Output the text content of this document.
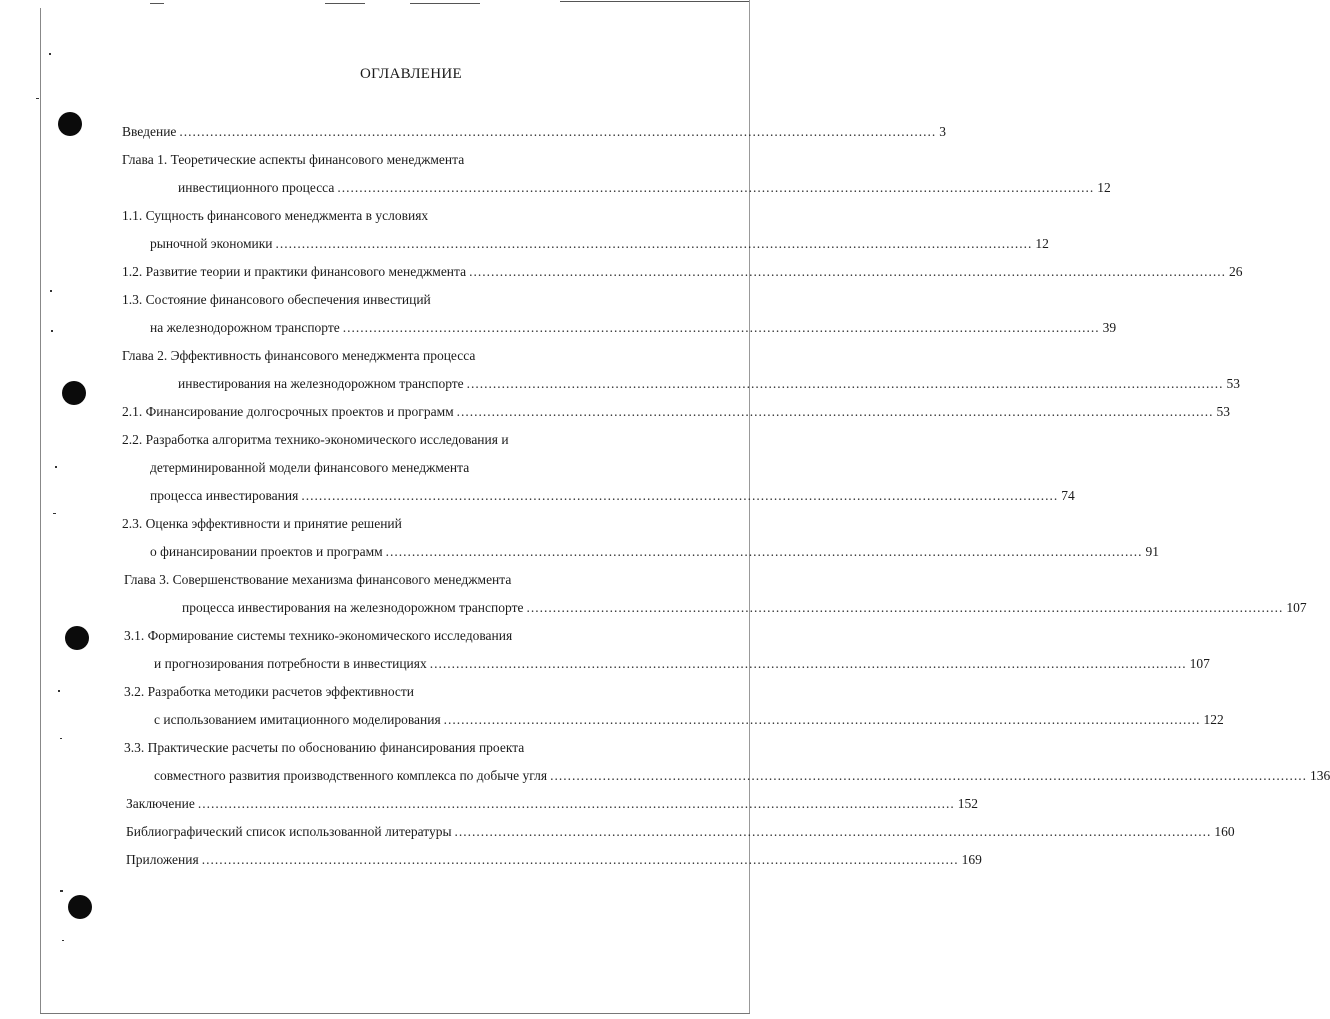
ОГЛАВЛЕНИЕ
Введение ............................................................................................................................................................................. 3
Глава 1. Теоретические аспекты финансового менеджмента
инвестиционного процесса ............................................................................................................................................................................. 12
1.1. Сущность финансового менеджмента в условиях
рыночной экономики ............................................................................................................................................................................. 12
1.2. Развитие теории и практики финансового менеджмента ............................................................................................................................................................................. 26
1.3. Состояние финансового обеспечения инвестиций
на железнодорожном транспорте ............................................................................................................................................................................. 39
Глава 2. Эффективность финансового менеджмента процесса
инвестирования на железнодорожном транспорте ............................................................................................................................................................................. 53
2.1. Финансирование долгосрочных проектов и программ ............................................................................................................................................................................. 53
2.2. Разработка алгоритма технико-экономического исследования и
детерминированной модели финансового менеджмента
процесса инвестирования ............................................................................................................................................................................. 74
2.3. Оценка эффективности и принятие решений
о финансировании проектов и программ ............................................................................................................................................................................. 91
Глава 3. Совершенствование механизма финансового менеджмента
процесса инвестирования на железнодорожном транспорте ............................................................................................................................................................................. 107
3.1. Формирование системы технико-экономического исследования
и прогнозирования потребности в инвестициях ............................................................................................................................................................................. 107
3.2. Разработка методики расчетов эффективности
с использованием имитационного моделирования ............................................................................................................................................................................. 122
3.3. Практические расчеты по обоснованию финансирования проекта
совместного развития производственного комплекса по добыче угля ............................................................................................................................................................................. 136
Заключение ............................................................................................................................................................................. 152
Библиографический список использованной литературы ............................................................................................................................................................................. 160
Приложения ............................................................................................................................................................................. 169
